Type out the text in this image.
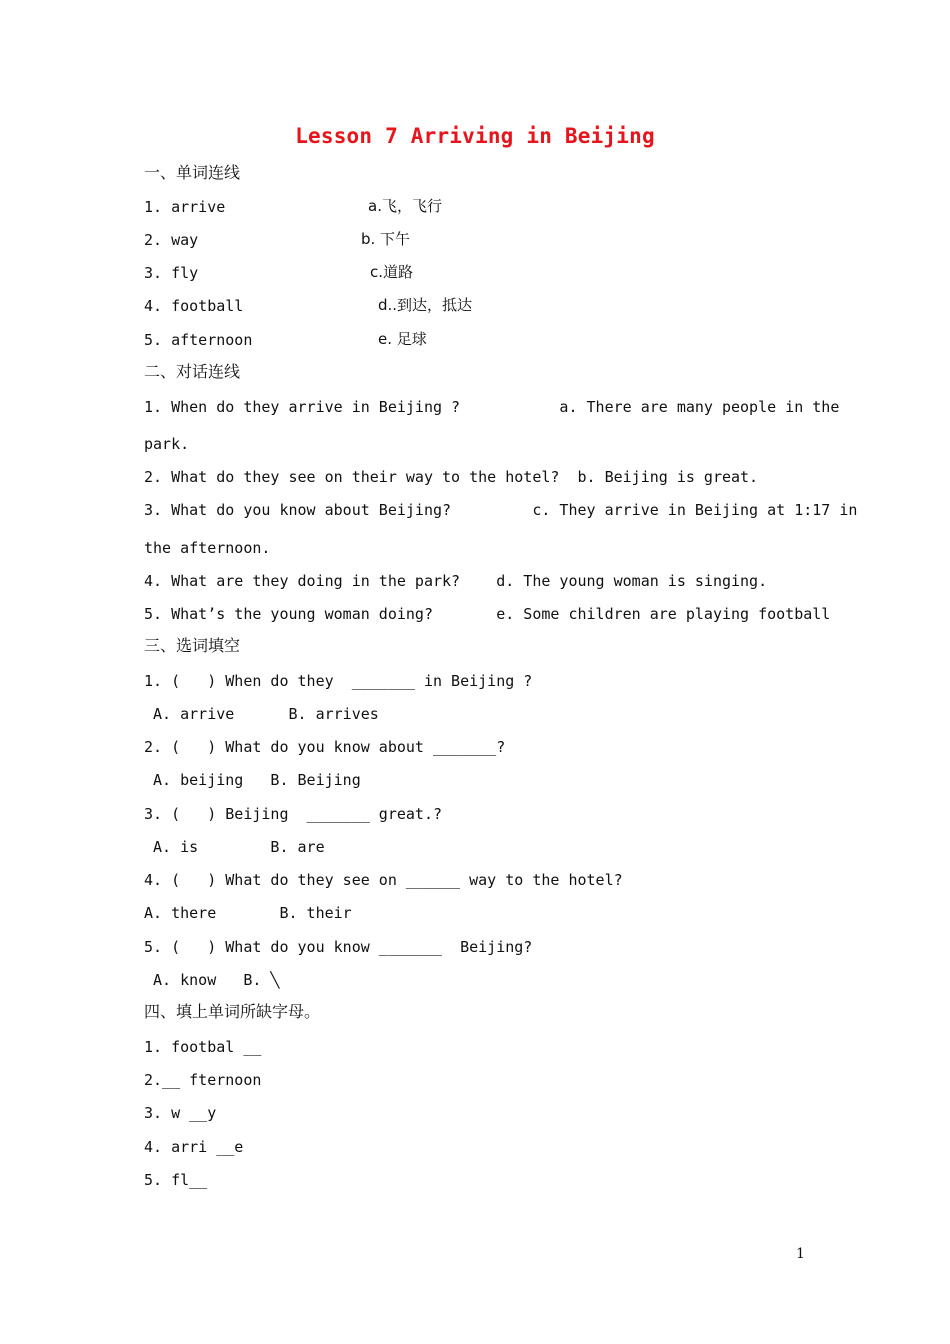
Lesson 7 Arriving in Beijing
一、单词连线
1. arrive	a.飞，飞行
2. way	b. 下午
3. fly	c.道路
4. football	d..到达，抵达
5. afternoon	e. 足球
二、对话连线
1. When do they arrive in Beijing ?           a. There are many people in the
park.
2. What do they see on their way to the hotel?  b. Beijing is great.
3. What do you know about Beijing?         c. They arrive in Beijing at 1:17 in
the afternoon.
4. What are they doing in the park?    d. The young woman is singing.
5. What’s the young woman doing?       e. Some children are playing football
三、选词填空
1. (   ) When do they  _______ in Beijing ?
A. arrive      B. arrives
2. (   ) What do you know about _______?
A. beijing   B. Beijing
3. (   ) Beijing  _______ great.?
A. is        B. are
4. (   ) What do they see on ______ way to the hotel?
A. there       B. their
5. (   ) What do you know _______  Beijing?
A. know   B. ╲
四、填上单词所缺字母。
1. footbal __
2.__ fternoon
3. w __y
4. arri __e
5. fl__
1
